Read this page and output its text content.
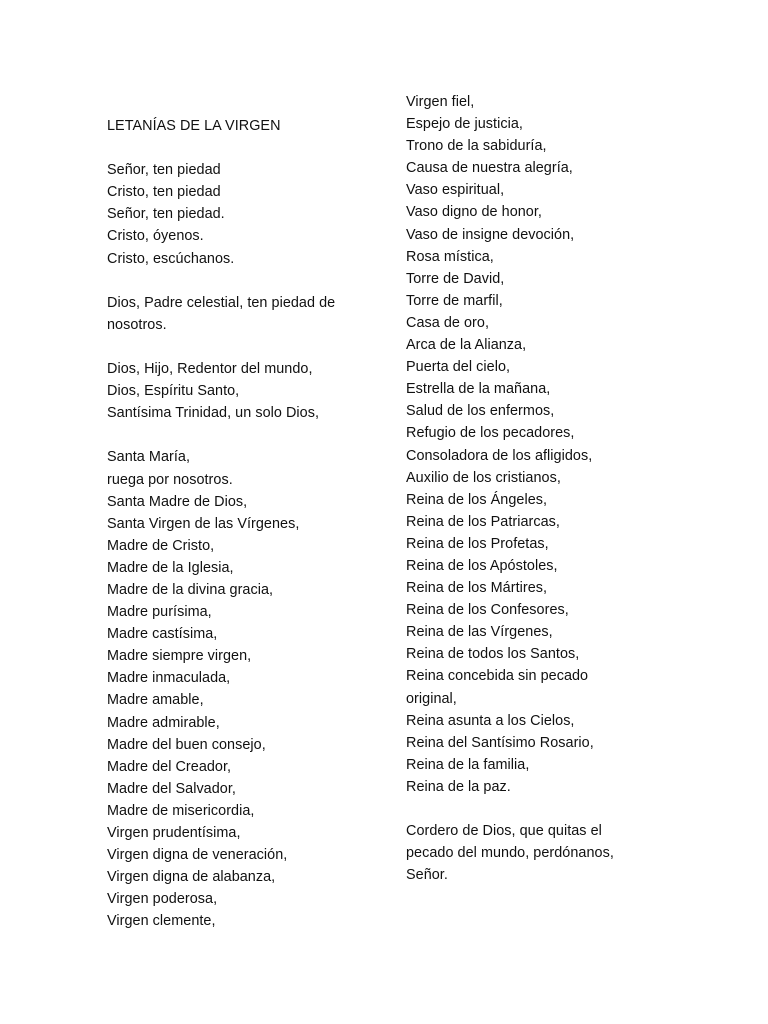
LETANÍAS DE LA VIRGEN
Señor, ten piedad
Cristo, ten piedad
Señor, ten piedad.
Cristo, óyenos.
Cristo, escúchanos.
Dios, Padre celestial, ten piedad de
nosotros.
Dios, Hijo, Redentor del mundo,
Dios, Espíritu Santo,
Santísima Trinidad, un solo Dios,
Santa María,
ruega por nosotros.
Santa Madre de Dios,
Santa Virgen de las Vírgenes,
Madre de Cristo,
Madre de la Iglesia,
Madre de la divina gracia,
Madre purísima,
Madre castísima,
Madre siempre virgen,
Madre inmaculada,
Madre amable,
Madre admirable,
Madre del buen consejo,
Madre del Creador,
Madre del Salvador,
Madre de misericordia,
Virgen prudentísima,
Virgen digna de veneración,
Virgen digna de alabanza,
Virgen poderosa,
Virgen clemente,
Virgen fiel,
Espejo de justicia,
Trono de la sabiduría,
Causa de nuestra alegría,
Vaso espiritual,
Vaso digno de honor,
Vaso de insigne devoción,
Rosa mística,
Torre de David,
Torre de marfil,
Casa de oro,
Arca de la Alianza,
Puerta del cielo,
Estrella de la mañana,
Salud de los enfermos,
Refugio de los pecadores,
Consoladora de los afligidos,
Auxilio de los cristianos,
Reina de los Ángeles,
Reina de los Patriarcas,
Reina de los Profetas,
Reina de los Apóstoles,
Reina de los Mártires,
Reina de los Confesores,
Reina de las Vírgenes,
Reina de todos los Santos,
Reina concebida sin pecado
original,
Reina asunta a los Cielos,
Reina del Santísimo Rosario,
Reina de la familia,
Reina de la paz.
Cordero de Dios, que quitas el
pecado del mundo, perdónanos,
Señor.
